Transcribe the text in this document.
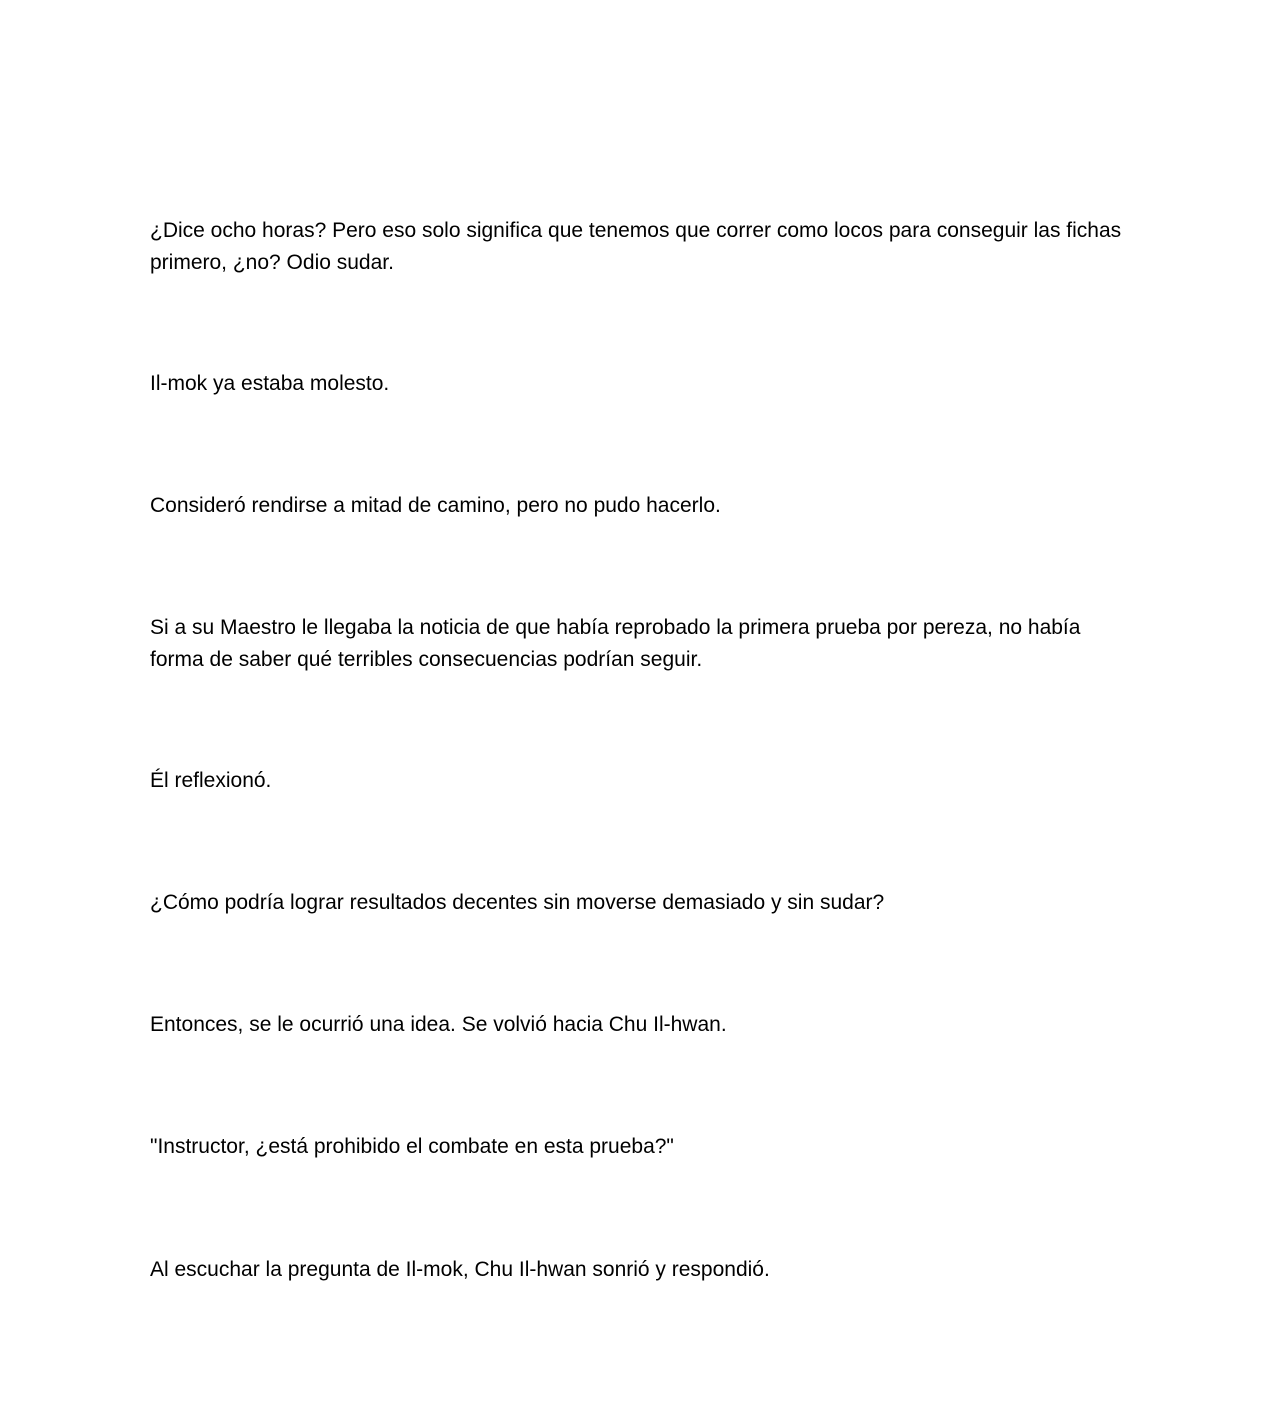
¿Dice ocho horas? Pero eso solo significa que tenemos que correr como locos para conseguir las fichas primero, ¿no? Odio sudar.

Il-mok ya estaba molesto.

Consideró rendirse a mitad de camino, pero no pudo hacerlo.

Si a su Maestro le llegaba la noticia de que había reprobado la primera prueba por pereza, no había forma de saber qué terribles consecuencias podrían seguir.

Él reflexionó.

¿Cómo podría lograr resultados decentes sin moverse demasiado y sin sudar?

Entonces, se le ocurrió una idea. Se volvió hacia Chu Il-hwan.

"Instructor, ¿está prohibido el combate en esta prueba?"

Al escuchar la pregunta de Il-mok, Chu Il-hwan sonrió y respondió.
